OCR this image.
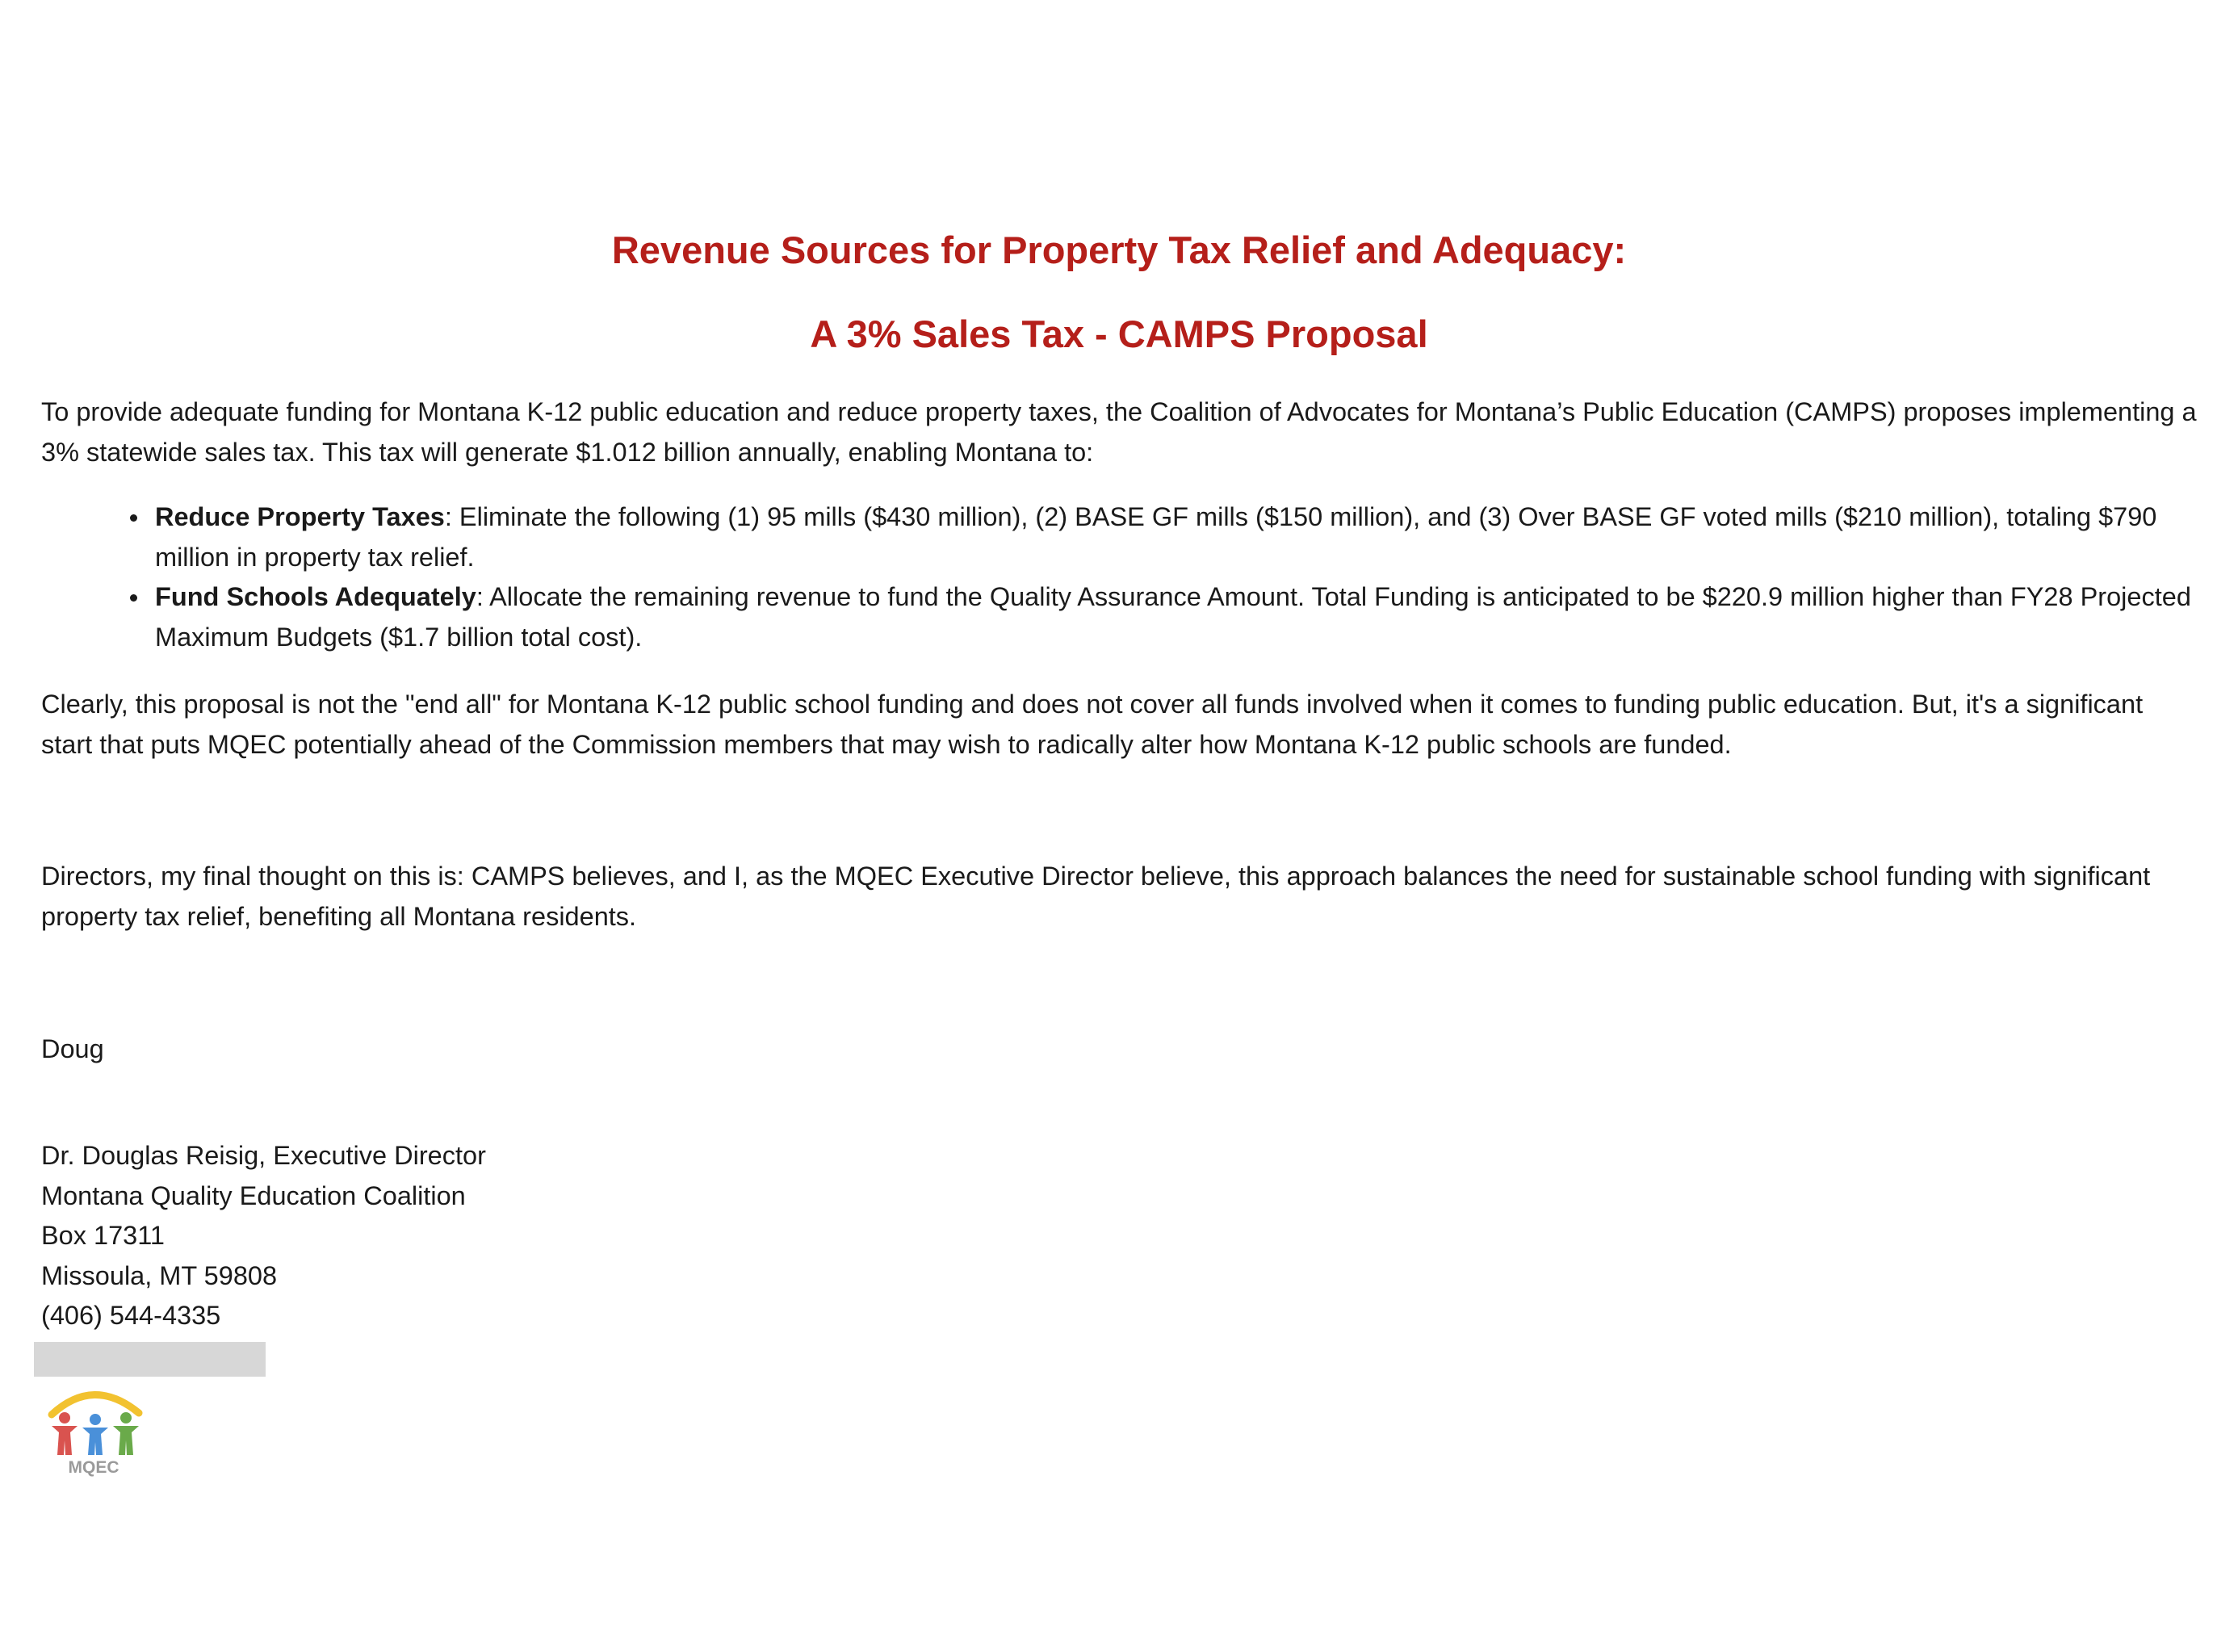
Revenue Sources for Property Tax Relief and Adequacy:
A 3% Sales Tax - CAMPS Proposal

To provide adequate funding for Montana K-12 public education and reduce property taxes, the Coalition of Advocates for Montana’s Public Education (CAMPS) proposes implementing a 3% statewide sales tax. This tax will generate $1.012 billion annually, enabling Montana to:

Reduce Property Taxes: Eliminate the following (1) 95 mills ($430 million), (2) BASE GF mills ($150 million), and (3) Over BASE GF voted mills ($210 million), totaling $790 million in property tax relief.
Fund Schools Adequately: Allocate the remaining revenue to fund the Quality Assurance Amount. Total Funding is anticipated to be $220.9 million higher than FY28 Projected Maximum Budgets ($1.7 billion total cost).

Clearly, this proposal is not the "end all" for Montana K-12 public school funding and does not cover all funds involved when it comes to funding public education. But, it's a significant start that puts MQEC potentially ahead of the Commission members that may wish to radically alter how Montana K-12 public schools are funded.

Directors, my final thought on this is: CAMPS believes, and I, as the MQEC Executive Director believe, this approach balances the need for sustainable school funding with significant property tax relief, benefiting all Montana residents.

Doug

Dr. Douglas Reisig, Executive Director
Montana Quality Education Coalition
Box 17311
Missoula, MT 59808
(406) 544-4335
MQEC
